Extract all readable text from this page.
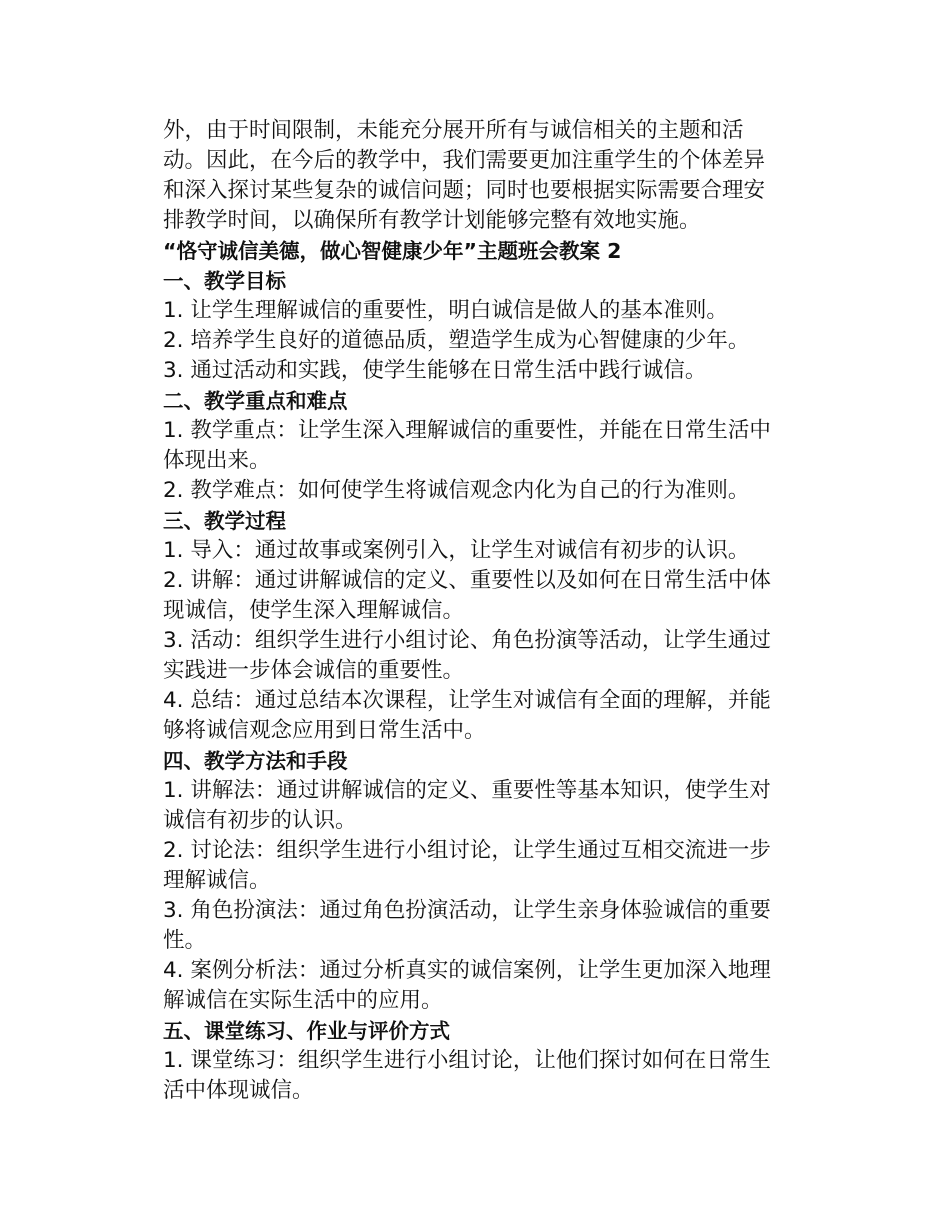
外，由于时间限制，未能充分展开所有与诚信相关的主题和活动。因此，在今后的教学中，我们需要更加注重学生的个体差异和深入探讨某些复杂的诚信问题；同时也要根据实际需要合理安排教学时间，以确保所有教学计划能够完整有效地实施。

“恪守诚信美德，做心智健康少年”主题班会教案 2

一、教学目标

1. 让学生理解诚信的重要性，明白诚信是做人的基本准则。

2. 培养学生良好的道德品质，塑造学生成为心智健康的少年。

3. 通过活动和实践，使学生能够在日常生活中践行诚信。

二、教学重点和难点

1. 教学重点：让学生深入理解诚信的重要性，并能在日常生活中体现出来。

2. 教学难点：如何使学生将诚信观念内化为自己的行为准则。

三、教学过程

1. 导入：通过故事或案例引入，让学生对诚信有初步的认识。

2. 讲解：通过讲解诚信的定义、重要性以及如何在日常生活中体现诚信，使学生深入理解诚信。

3. 活动：组织学生进行小组讨论、角色扮演等活动，让学生通过实践进一步体会诚信的重要性。

4. 总结：通过总结本次课程，让学生对诚信有全面的理解，并能够将诚信观念应用到日常生活中。

四、教学方法和手段

1. 讲解法：通过讲解诚信的定义、重要性等基本知识，使学生对诚信有初步的认识。

2. 讨论法：组织学生进行小组讨论，让学生通过互相交流进一步理解诚信。

3. 角色扮演法：通过角色扮演活动，让学生亲身体验诚信的重要性。

4. 案例分析法：通过分析真实的诚信案例，让学生更加深入地理解诚信在实际生活中的应用。

五、课堂练习、作业与评价方式

1. 课堂练习：组织学生进行小组讨论，让他们探讨如何在日常生活中体现诚信。
